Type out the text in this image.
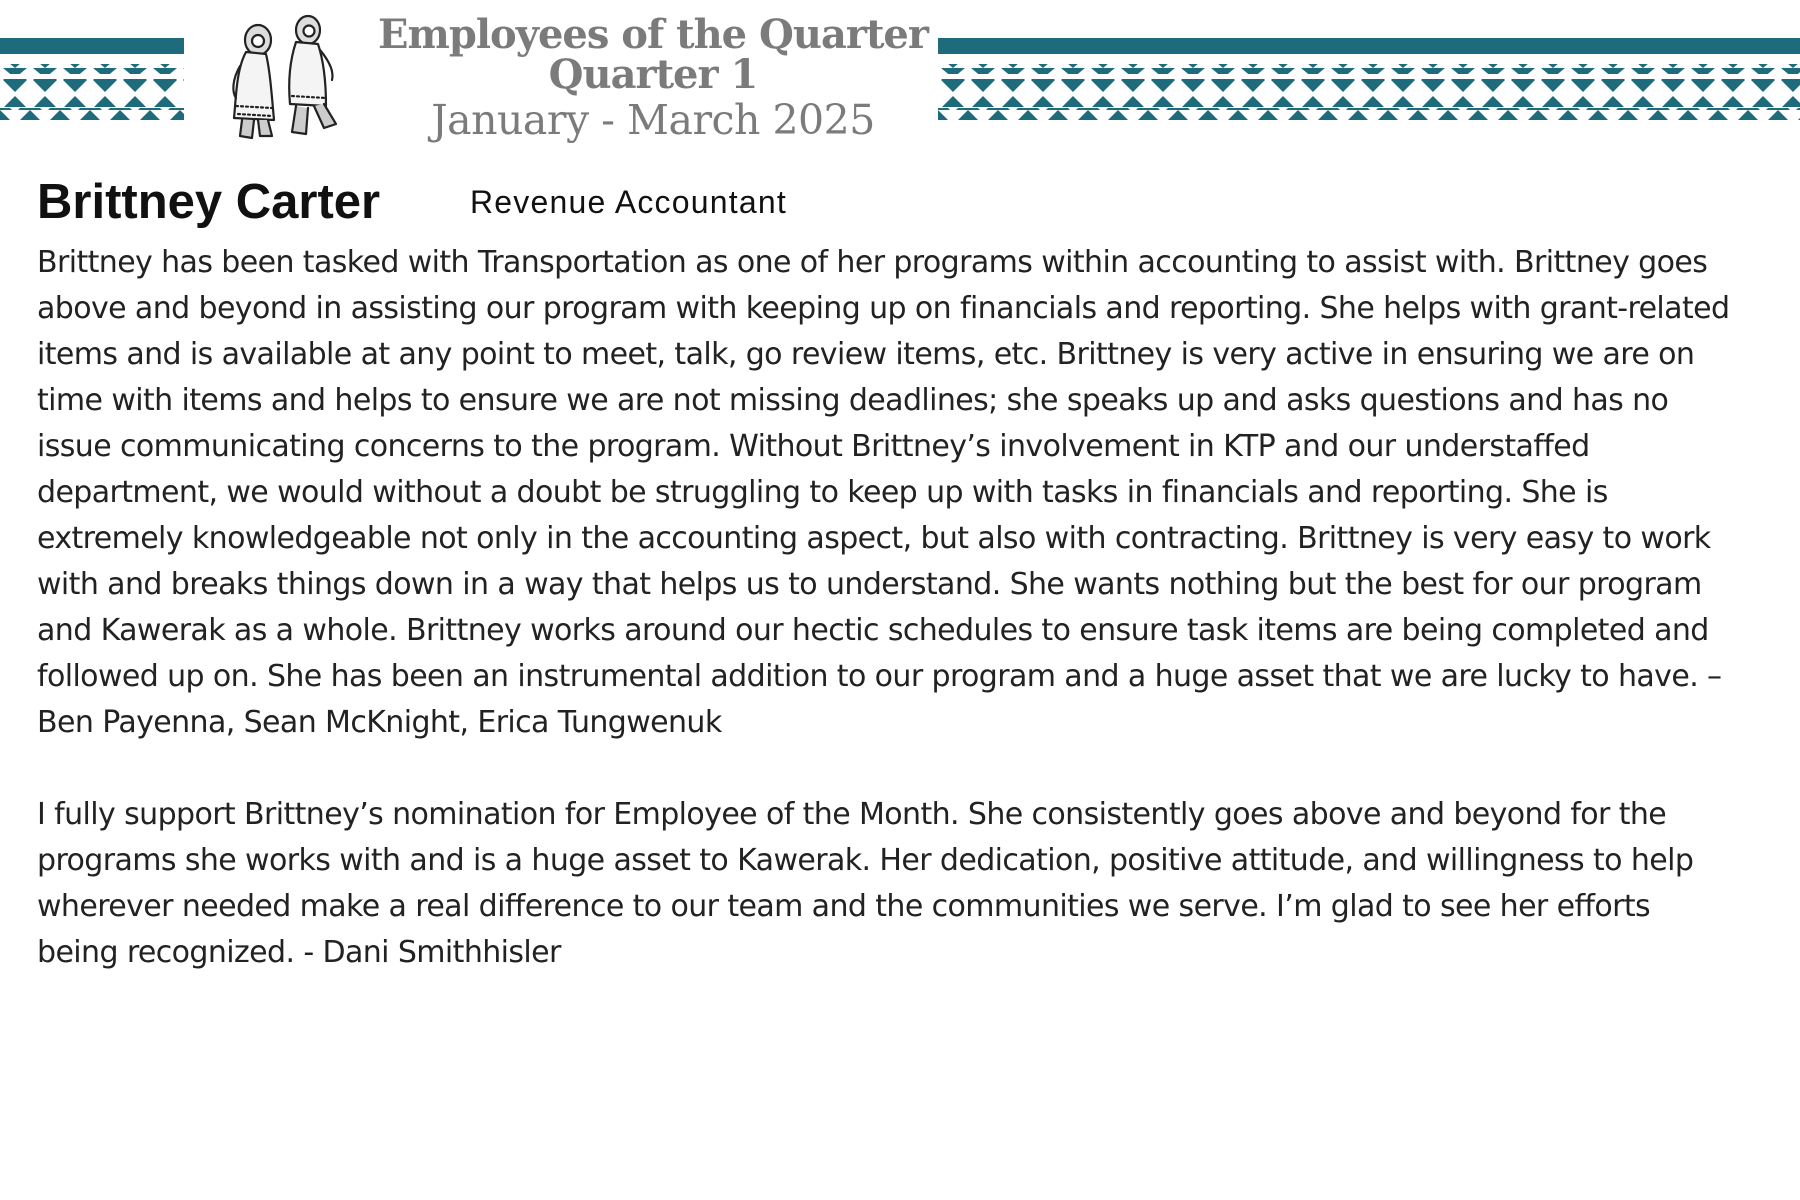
Employees of the Quarter
Quarter 1
January - March 2025
Brittney Carter	Revenue Accountant

Brittney has been tasked with Transportation as one of her programs within accounting to assist with. Brittney goes above and beyond in assisting our program with keeping up on financials and reporting. She helps with grant-related items and is available at any point to meet, talk, go review items, etc. Brittney is very active in ensuring we are on time with items and helps to ensure we are not missing deadlines; she speaks up and asks questions and has no issue communicating concerns to the program. Without Brittney’s involvement in KTP and our understaffed department, we would without a doubt be struggling to keep up with tasks in financials and reporting. She is extremely knowledgeable not only in the accounting aspect, but also with contracting. Brittney is very easy to work with and breaks things down in a way that helps us to understand. She wants nothing but the best for our program and Kawerak as a whole. Brittney works around our hectic schedules to ensure task items are being completed and followed up on. She has been an instrumental addition to our program and a huge asset that we are lucky to have. – Ben Payenna, Sean McKnight, Erica Tungwenuk

I fully support Brittney’s nomination for Employee of the Month. She consistently goes above and beyond for the programs she works with and is a huge asset to Kawerak. Her dedication, positive attitude, and willingness to help wherever needed make a real difference to our team and the communities we serve. I’m glad to see her efforts being recognized. - Dani Smithhisler
